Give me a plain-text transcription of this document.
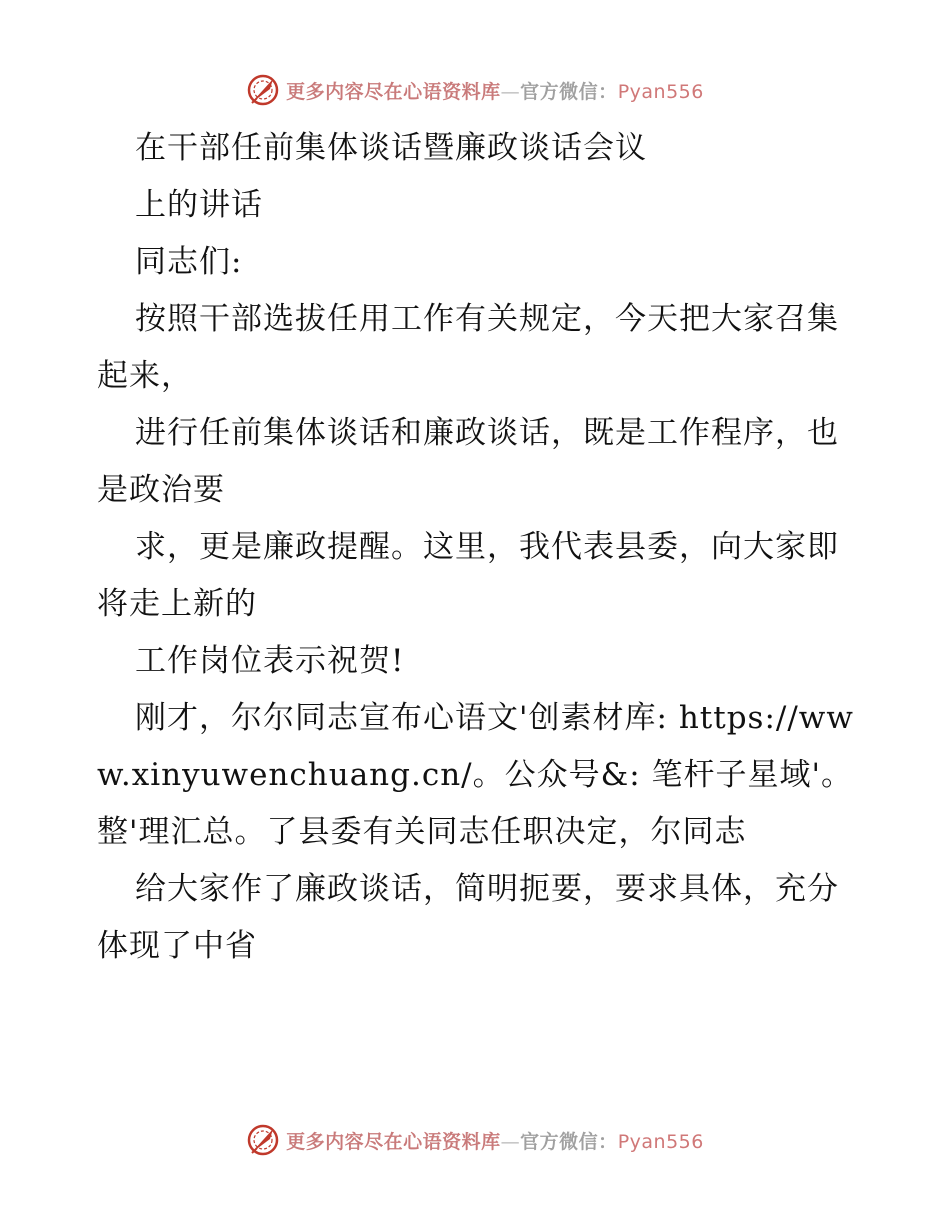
更多内容尽在心语资料库—官方微信：Pyan556

在干部任前集体谈话暨廉政谈话会议

上的讲话

同志们:

按照干部选拔任用工作有关规定，今天把大家召集起来，

进行任前集体谈话和廉政谈话，既是工作程序，也是政治要

求，更是廉政提醒。这里，我代表县委，向大家即将走上新的

工作岗位表示祝贺!

刚才，尔尔同志宣布心语文'创素材库: https://www.xinyuwenchuang.cn/。公众号&: 笔杆子星域'。整'理汇总。了县委有关同志任职决定，尔同志

给大家作了廉政谈话，简明扼要，要求具体，充分体现了中省

更多内容尽在心语资料库—官方微信：Pyan556
